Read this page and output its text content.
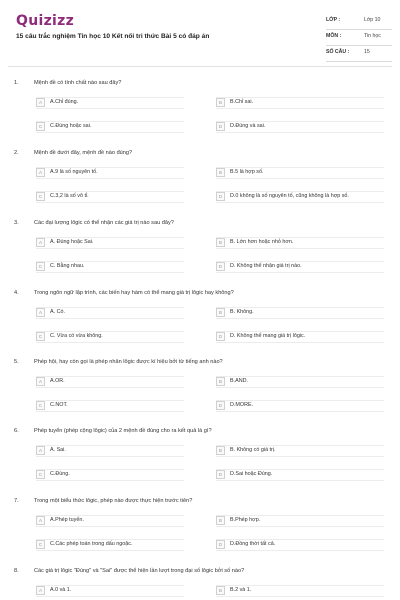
Quizizz
15 câu trắc nghiệm Tin học 10 Kết nối tri thức Bài 5 có đáp án
LỚP :	Lớp 10
MÔN :	Tin học
SỐ CÂU :	15
1.	Mệnh đề có tính chất nào sau đây?
A	A.Chỉ đúng.	B	B.Chỉ sai.
C	C.Đúng hoặc sai.	D	D.Đúng và sai.
2.	Mệnh đề dưới đây, mệnh đề nào đúng?
A	A.9 là số nguyên tố.	B	B.5 là hợp số.
C	C.3,2 là số vô tỉ.	D	D.0 không là số nguyên tố, cũng không là hợp số.
3.	Các đại lượng lôgic có thể nhận các giá trị nào sau đây?
A	A. Đúng hoặc Sai.	B	B. Lớn hơn hoặc nhỏ hơn.
C	C. Bằng nhau.	D	D. Không thể nhận giá trị nào.
4.	Trong ngôn ngữ lập trình, các biến hay hàm có thể mang giá trị lôgic hay không?
A	A. Có.	B	B. Không.
C	C. Vừa có vừa không.	D	D. Không thể mang giá trị lôgic.
5.	Phép hội, hay còn gọi là phép nhân lôgic được kí hiệu bởi từ tiếng anh nào?
A	A.OR.	B	B.AND.
C	C.NOT.	D	D.MORE.
6.	Phép tuyển (phép cộng lôgic) của 2 mệnh đề đúng cho ra kết quả là gì?
A	A. Sai.	B	B. Không có giá trị.
C	C.Đúng.	D	D.Sai hoặc Đúng.
7.	Trong một biểu thức lôgic, phép nào được thực hiện trước tiên?
A	A.Phép tuyển.	B	B.Phép hợp.
C	C.Các phép toán trong dấu ngoặc.	D	D.Đồng thời tất cả.
8.	Các giá trị lôgic "Đúng" và "Sai" được thể hiện lần lượt trong đại số lôgic bởi số nào?
A	A.0 và 1.	B	B.2 và 1.
